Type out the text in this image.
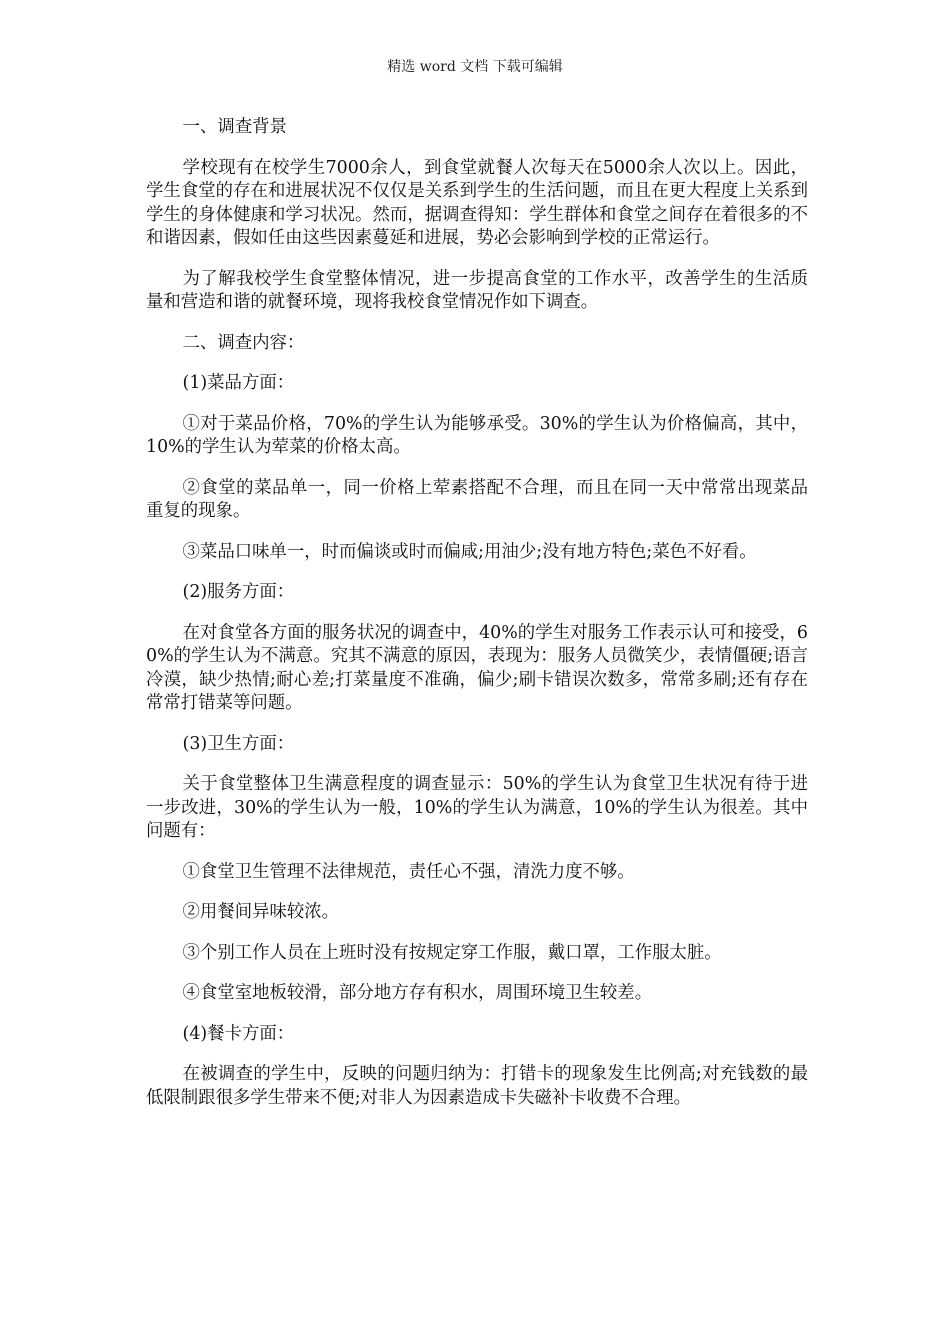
精选 word 文档 下载可编辑

一、调查背景

学校现有在校学生7000余人，到食堂就餐人次每天在5000余人次以上。因此，学生食堂的存在和进展状况不仅仅是关系到学生的生活问题，而且在更大程度上关系到学生的身体健康和学习状况。然而，据调查得知：学生群体和食堂之间存在着很多的不和谐因素，假如任由这些因素蔓延和进展，势必会影响到学校的正常运行。

为了解我校学生食堂整体情况，进一步提高食堂的工作水平，改善学生的生活质量和营造和谐的就餐环境，现将我校食堂情况作如下调查。

二、调查内容：

(1)菜品方面：

①对于菜品价格，70%的学生认为能够承受。30%的学生认为价格偏高，其中，10%的学生认为荤菜的价格太高。

②食堂的菜品单一，同一价格上荤素搭配不合理，而且在同一天中常常出现菜品重复的现象。

③菜品口味单一，时而偏谈或时而偏咸;用油少;没有地方特色;菜色不好看。

(2)服务方面：

在对食堂各方面的服务状况的调查中，40%的学生对服务工作表示认可和接受，60%的学生认为不满意。究其不满意的原因，表现为：服务人员微笑少，表情僵硬;语言冷漠，缺少热情;耐心差;打菜量度不准确，偏少;刷卡错误次数多，常常多刷;还有存在常常打错菜等问题。

(3)卫生方面：

关于食堂整体卫生满意程度的调查显示：50%的学生认为食堂卫生状况有待于进一步改进，30%的学生认为一般，10%的学生认为满意，10%的学生认为很差。其中问题有：

①食堂卫生管理不法律规范，责任心不强，清洗力度不够。

②用餐间异味较浓。

③个别工作人员在上班时没有按规定穿工作服，戴口罩，工作服太脏。

④食堂室地板较滑，部分地方存有积水，周围环境卫生较差。

(4)餐卡方面：

在被调查的学生中，反映的问题归纳为：打错卡的现象发生比例高;对充钱数的最低限制跟很多学生带来不便;对非人为因素造成卡失磁补卡收费不合理。
